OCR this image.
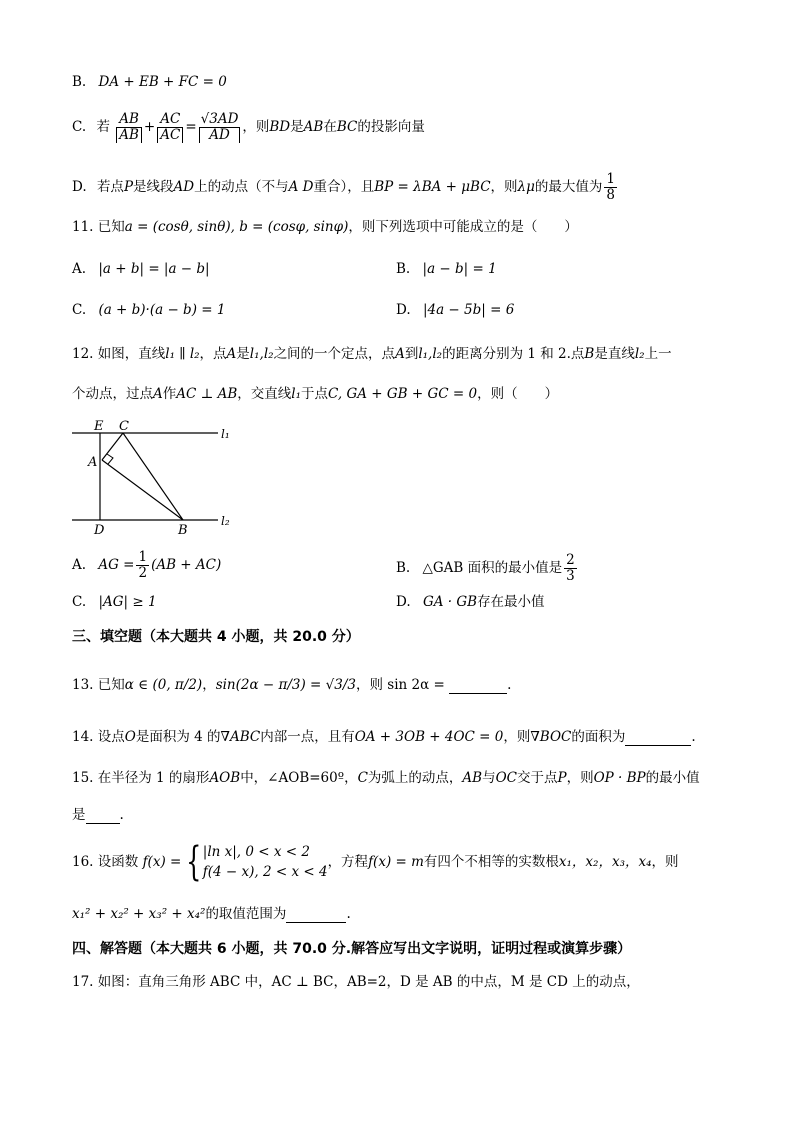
B. DA + EB + FC = 0
C. 若 $\frac{AB}{AB} + \frac{AC}{AC} = \frac{√3AD}{AD}$ ，则BD是AB在BC的投影向量
D. 若点P是线段AD上的动点（不与A D重合），且BP = λBA + μBC，则λμ的最大值为 $\frac{1}{8}$
11. 已知a = (cosθ, sinθ), b = (cosφ, sinφ)，则下列选项中可能成立的是（　　）
A. |a + b| = |a − b|	B. |a − b| = 1
C. (a + b)·(a − b) = 1	D. |4a − 5b| = 6
12. 如图，直线l₁ ∥ l₂，点A是l₁,l₂之间的一个定点，点A到l₁,l₂的距离分别为 1 和 2.点B是直线l₂上一
个动点，过点A作AC ⊥ AB，交直线l₁于点C, GA + GB + GC = 0，则（　　）
E C
A
D	B
l₁
l₂
A. AG = $\frac{1}{2} (AB + AC)$	B. △GAB 面积的最小值是 $\frac{2}{3}$
C. |AG| ≥ 1	D. GA · GB存在最小值
三、填空题（本大题共 4 小题，共 20.0 分）
13. 已知α ∈ (0, π/2)，sin(2α − π/3) = √3/3，则 sin 2α =	.
14. 设点O是面积为 4 的∇ABC内部一点，且有OA + 3OB + 4OC = 0，则∇BOC的面积为	.
15. 在半径为 1 的扇形AOB中，∠AOB=60º，C为弧上的动点，AB与OC交于点P，则OP · BP的最小值
是	.
16. 设函数 f(x) = { |ln x|, 0 < x < 2
f(4 − x), 2 < x < 4
，方程f(x) = m有四个不相等的实数根x₁，x₂，x₃，x₄，则
x₁² + x₂² + x₃² + x₄²的取值范围为	.
四、解答题（本大题共 6 小题，共 70.0 分.解答应写出文字说明，证明过程或演算步骤）
17. 如图：直角三角形 ABC 中，AC ⊥ BC，AB=2，D 是 AB 的中点，M 是 CD 上的动点，
